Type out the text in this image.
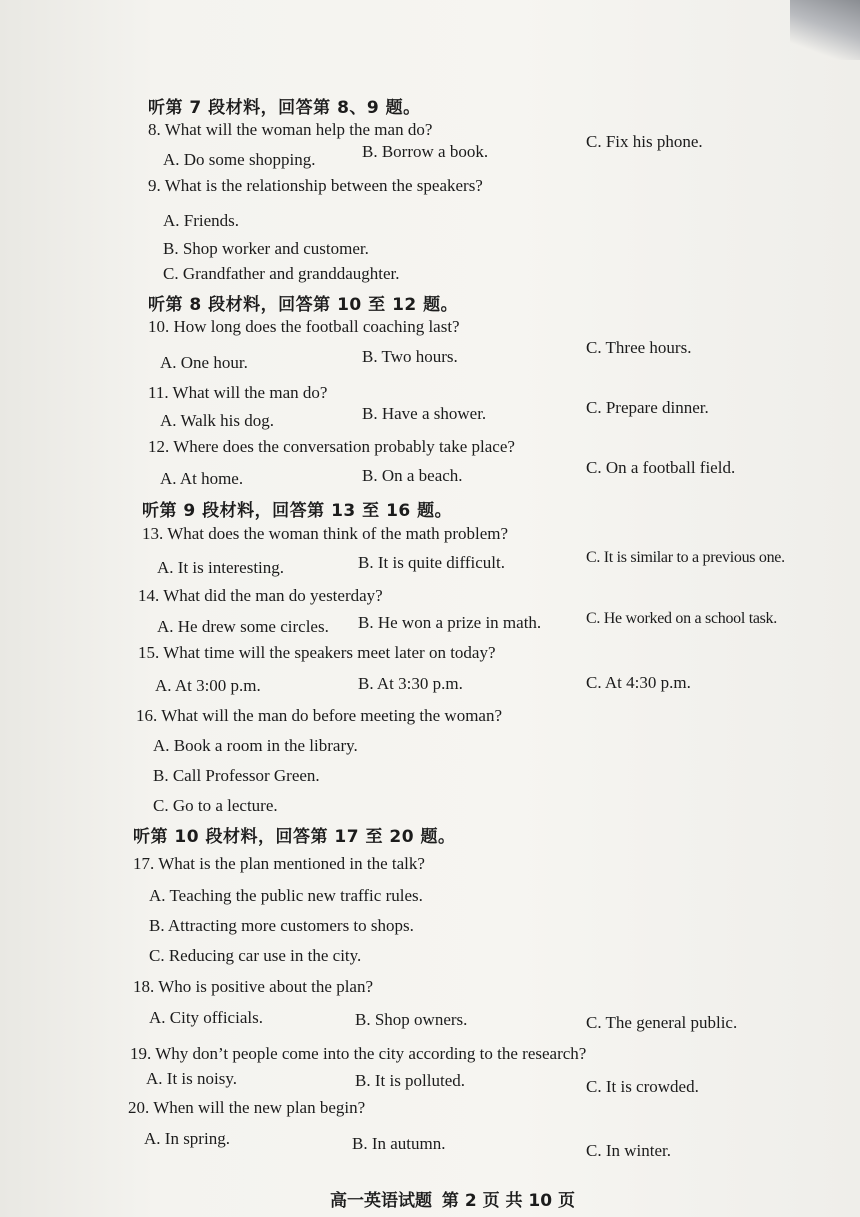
听第 7 段材料，回答第 8、9 题。
8. What will the woman help the man do?
A. Do some shopping.	B. Borrow a book.
C. Fix his phone.
9. What is the relationship between the speakers?
A. Friends.
B. Shop worker and customer.
C. Grandfather and granddaughter.
听第 8 段材料，回答第 10 至 12 题。
10. How long does the football coaching last?
A. One hour.	B. Two hours.	C. Three hours.
11. What will the man do?
A. Walk his dog.	B. Have a shower.	C. Prepare dinner.
12. Where does the conversation probably take place?
A. At home.	B. On a beach.	C. On a football field.
听第 9 段材料，回答第 13 至 16 题。
13. What does the woman think of the math problem?
A. It is interesting.	B. It is quite difficult.	C. It is similar to a previous one.
14. What did the man do yesterday?
A. He drew some circles. B. He won a prize in math.	C. He worked on a school task.
15. What time will the speakers meet later on today?
A. At 3:00 p.m.	B. At 3:30 p.m.	C. At 4:30 p.m.
16. What will the man do before meeting the woman?
A. Book a room in the library.
B. Call Professor Green.
C. Go to a lecture.
听第 10 段材料，回答第 17 至 20 题。
17. What is the plan mentioned in the talk?
A. Teaching the public new traffic rules.
B. Attracting more customers to shops.
C. Reducing car use in the city.
18. Who is positive about the plan?
A. City officials.	B. Shop owners.	C. The general public.
19. Why don’t people come into the city according to the research?
A. It is noisy.	B. It is polluted.	C. It is crowded.
20. When will the new plan begin?
A. In spring.	B. In autumn.	C. In winter.
高一英语试题 第 2 页 共 10 页
